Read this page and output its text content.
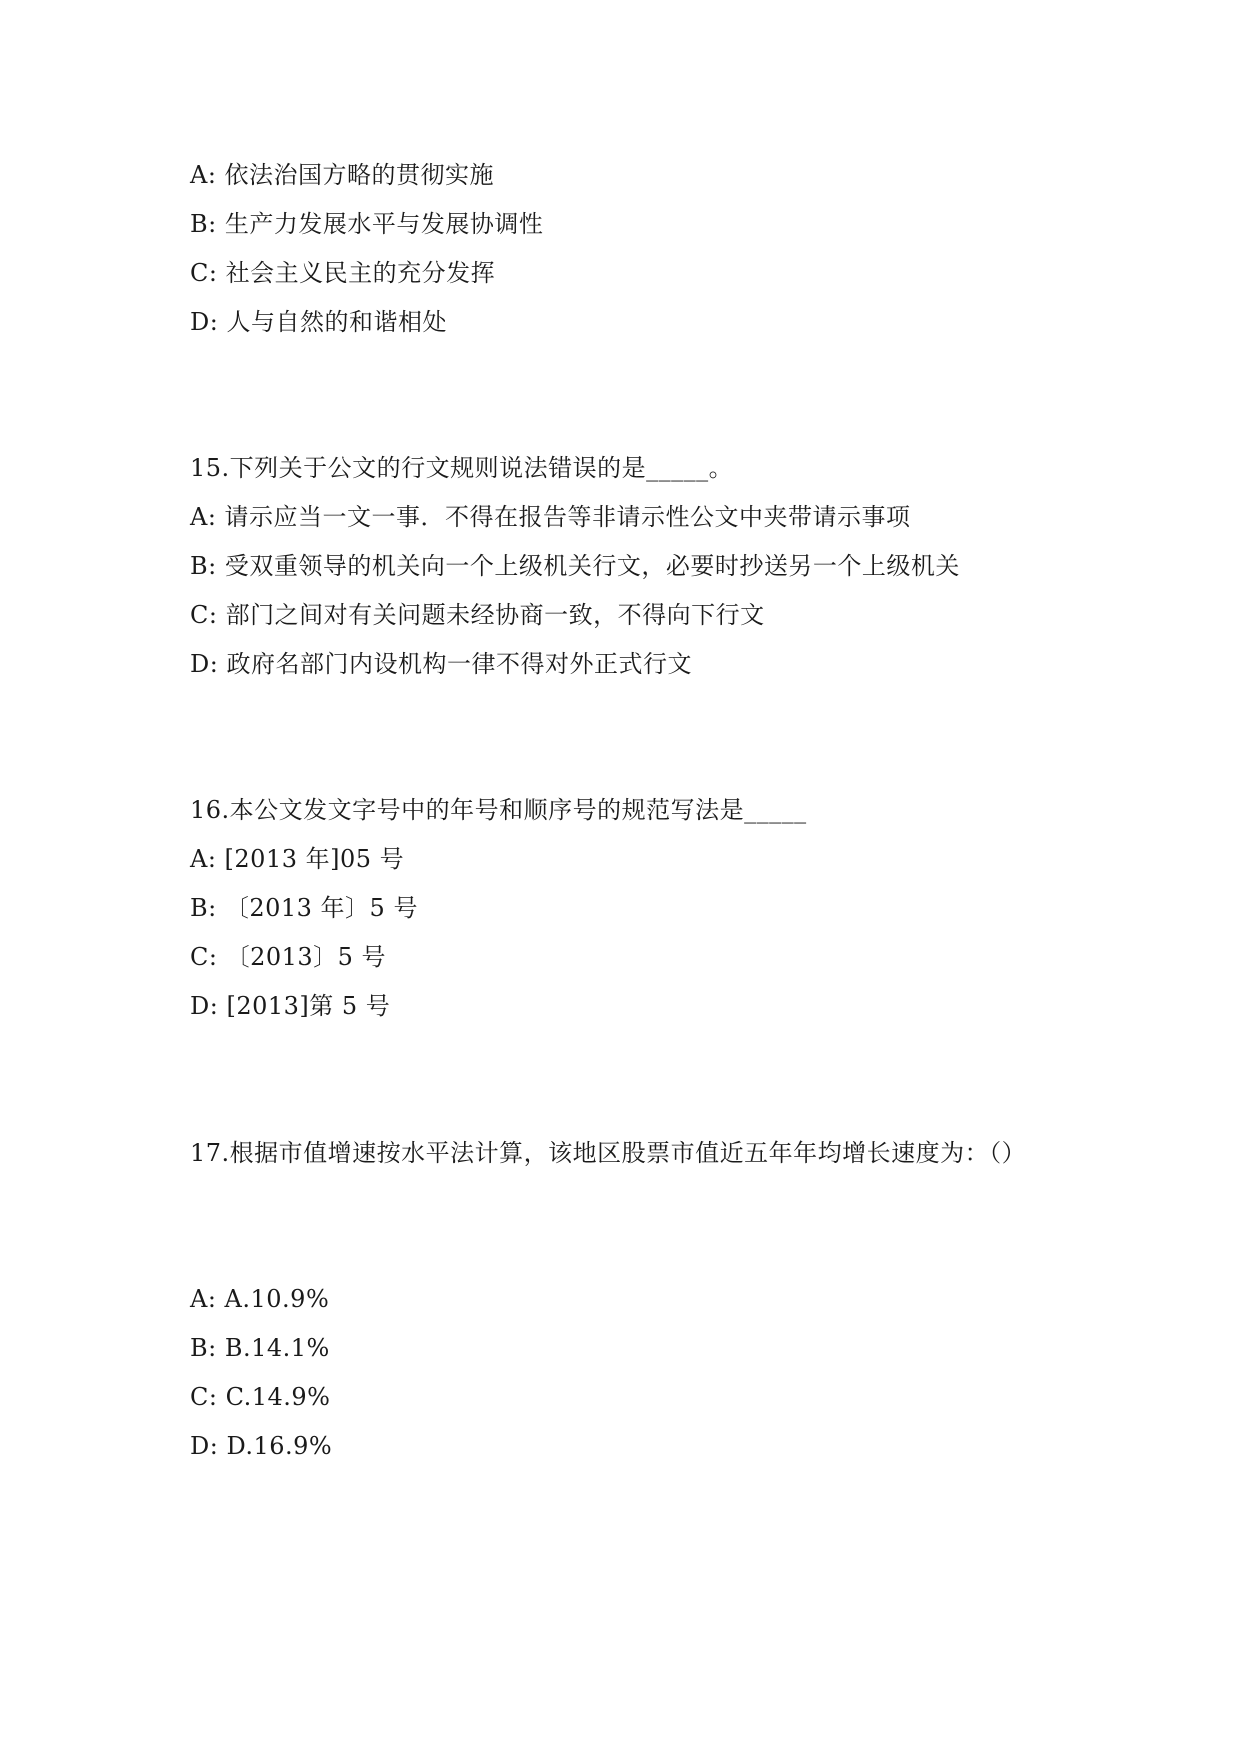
A: 依法治国方略的贯彻实施
B: 生产力发展水平与发展协调性
C: 社会主义民主的充分发挥
D: 人与自然的和谐相处
15.下列关于公文的行文规则说法错误的是_____。
A: 请示应当一文一事．不得在报告等非请示性公文中夹带请示事项
B: 受双重领导的机关向一个上级机关行文，必要时抄送另一个上级机关
C: 部门之间对有关问题未经协商一致，不得向下行文
D: 政府名部门内设机构一律不得对外正式行文
16.本公文发文字号中的年号和顺序号的规范写法是_____
A: [2013 年]05 号
B: 〔2013 年〕5 号
C: 〔2013〕5 号
D: [2013]第 5 号
17.根据市值增速按水平法计算，该地区股票市值近五年年均增长速度为：（）
A: A.10.9%
B: B.14.1%
C: C.14.9%
D: D.16.9%
